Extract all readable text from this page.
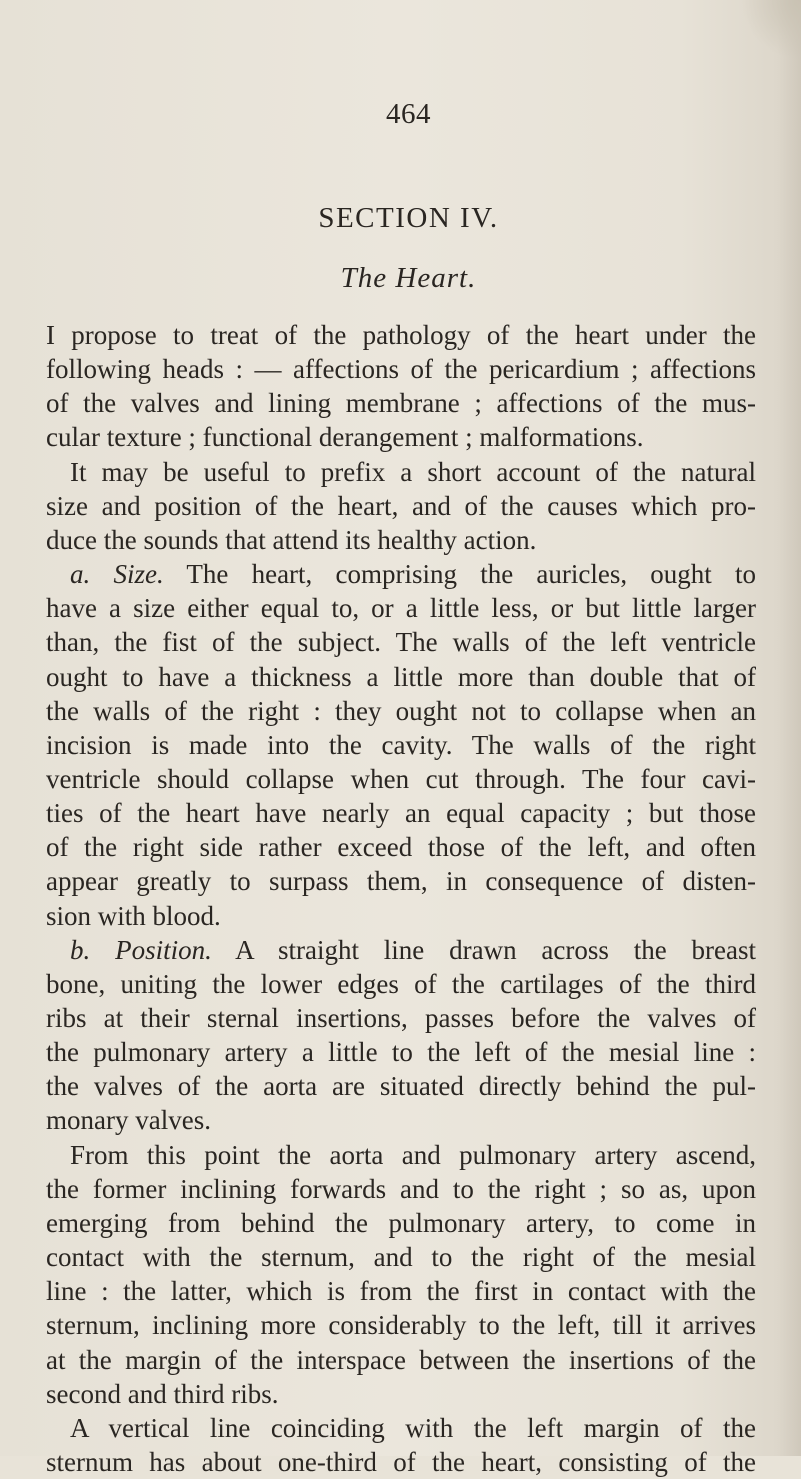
464
SECTION IV.
The Heart.
I propose to treat of the pathology of the heart under the
following heads : — affections of the pericardium ; affections
of the valves and lining membrane ; affections of the mus-
cular texture ; functional derangement ; malformations.
It may be useful to prefix a short account of the natural
size and position of the heart, and of the causes which pro-
duce the sounds that attend its healthy action.
a. Size. The heart, comprising the auricles, ought to
have a size either equal to, or a little less, or but little larger
than, the fist of the subject. The walls of the left ventricle
ought to have a thickness a little more than double that of
the walls of the right : they ought not to collapse when an
incision is made into the cavity. The walls of the right
ventricle should collapse when cut through. The four cavi-
ties of the heart have nearly an equal capacity ; but those
of the right side rather exceed those of the left, and often
appear greatly to surpass them, in consequence of disten-
sion with blood.
b. Position. A straight line drawn across the breast
bone, uniting the lower edges of the cartilages of the third
ribs at their sternal insertions, passes before the valves of
the pulmonary artery a little to the left of the mesial line :
the valves of the aorta are situated directly behind the pul-
monary valves.
From this point the aorta and pulmonary artery ascend,
the former inclining forwards and to the right ; so as, upon
emerging from behind the pulmonary artery, to come in
contact with the sternum, and to the right of the mesial
line : the latter, which is from the first in contact with the
sternum, inclining more considerably to the left, till it arrives
at the margin of the interspace between the insertions of the
second and third ribs.
A vertical line coinciding with the left margin of the
sternum has about one-third of the heart, consisting of the
